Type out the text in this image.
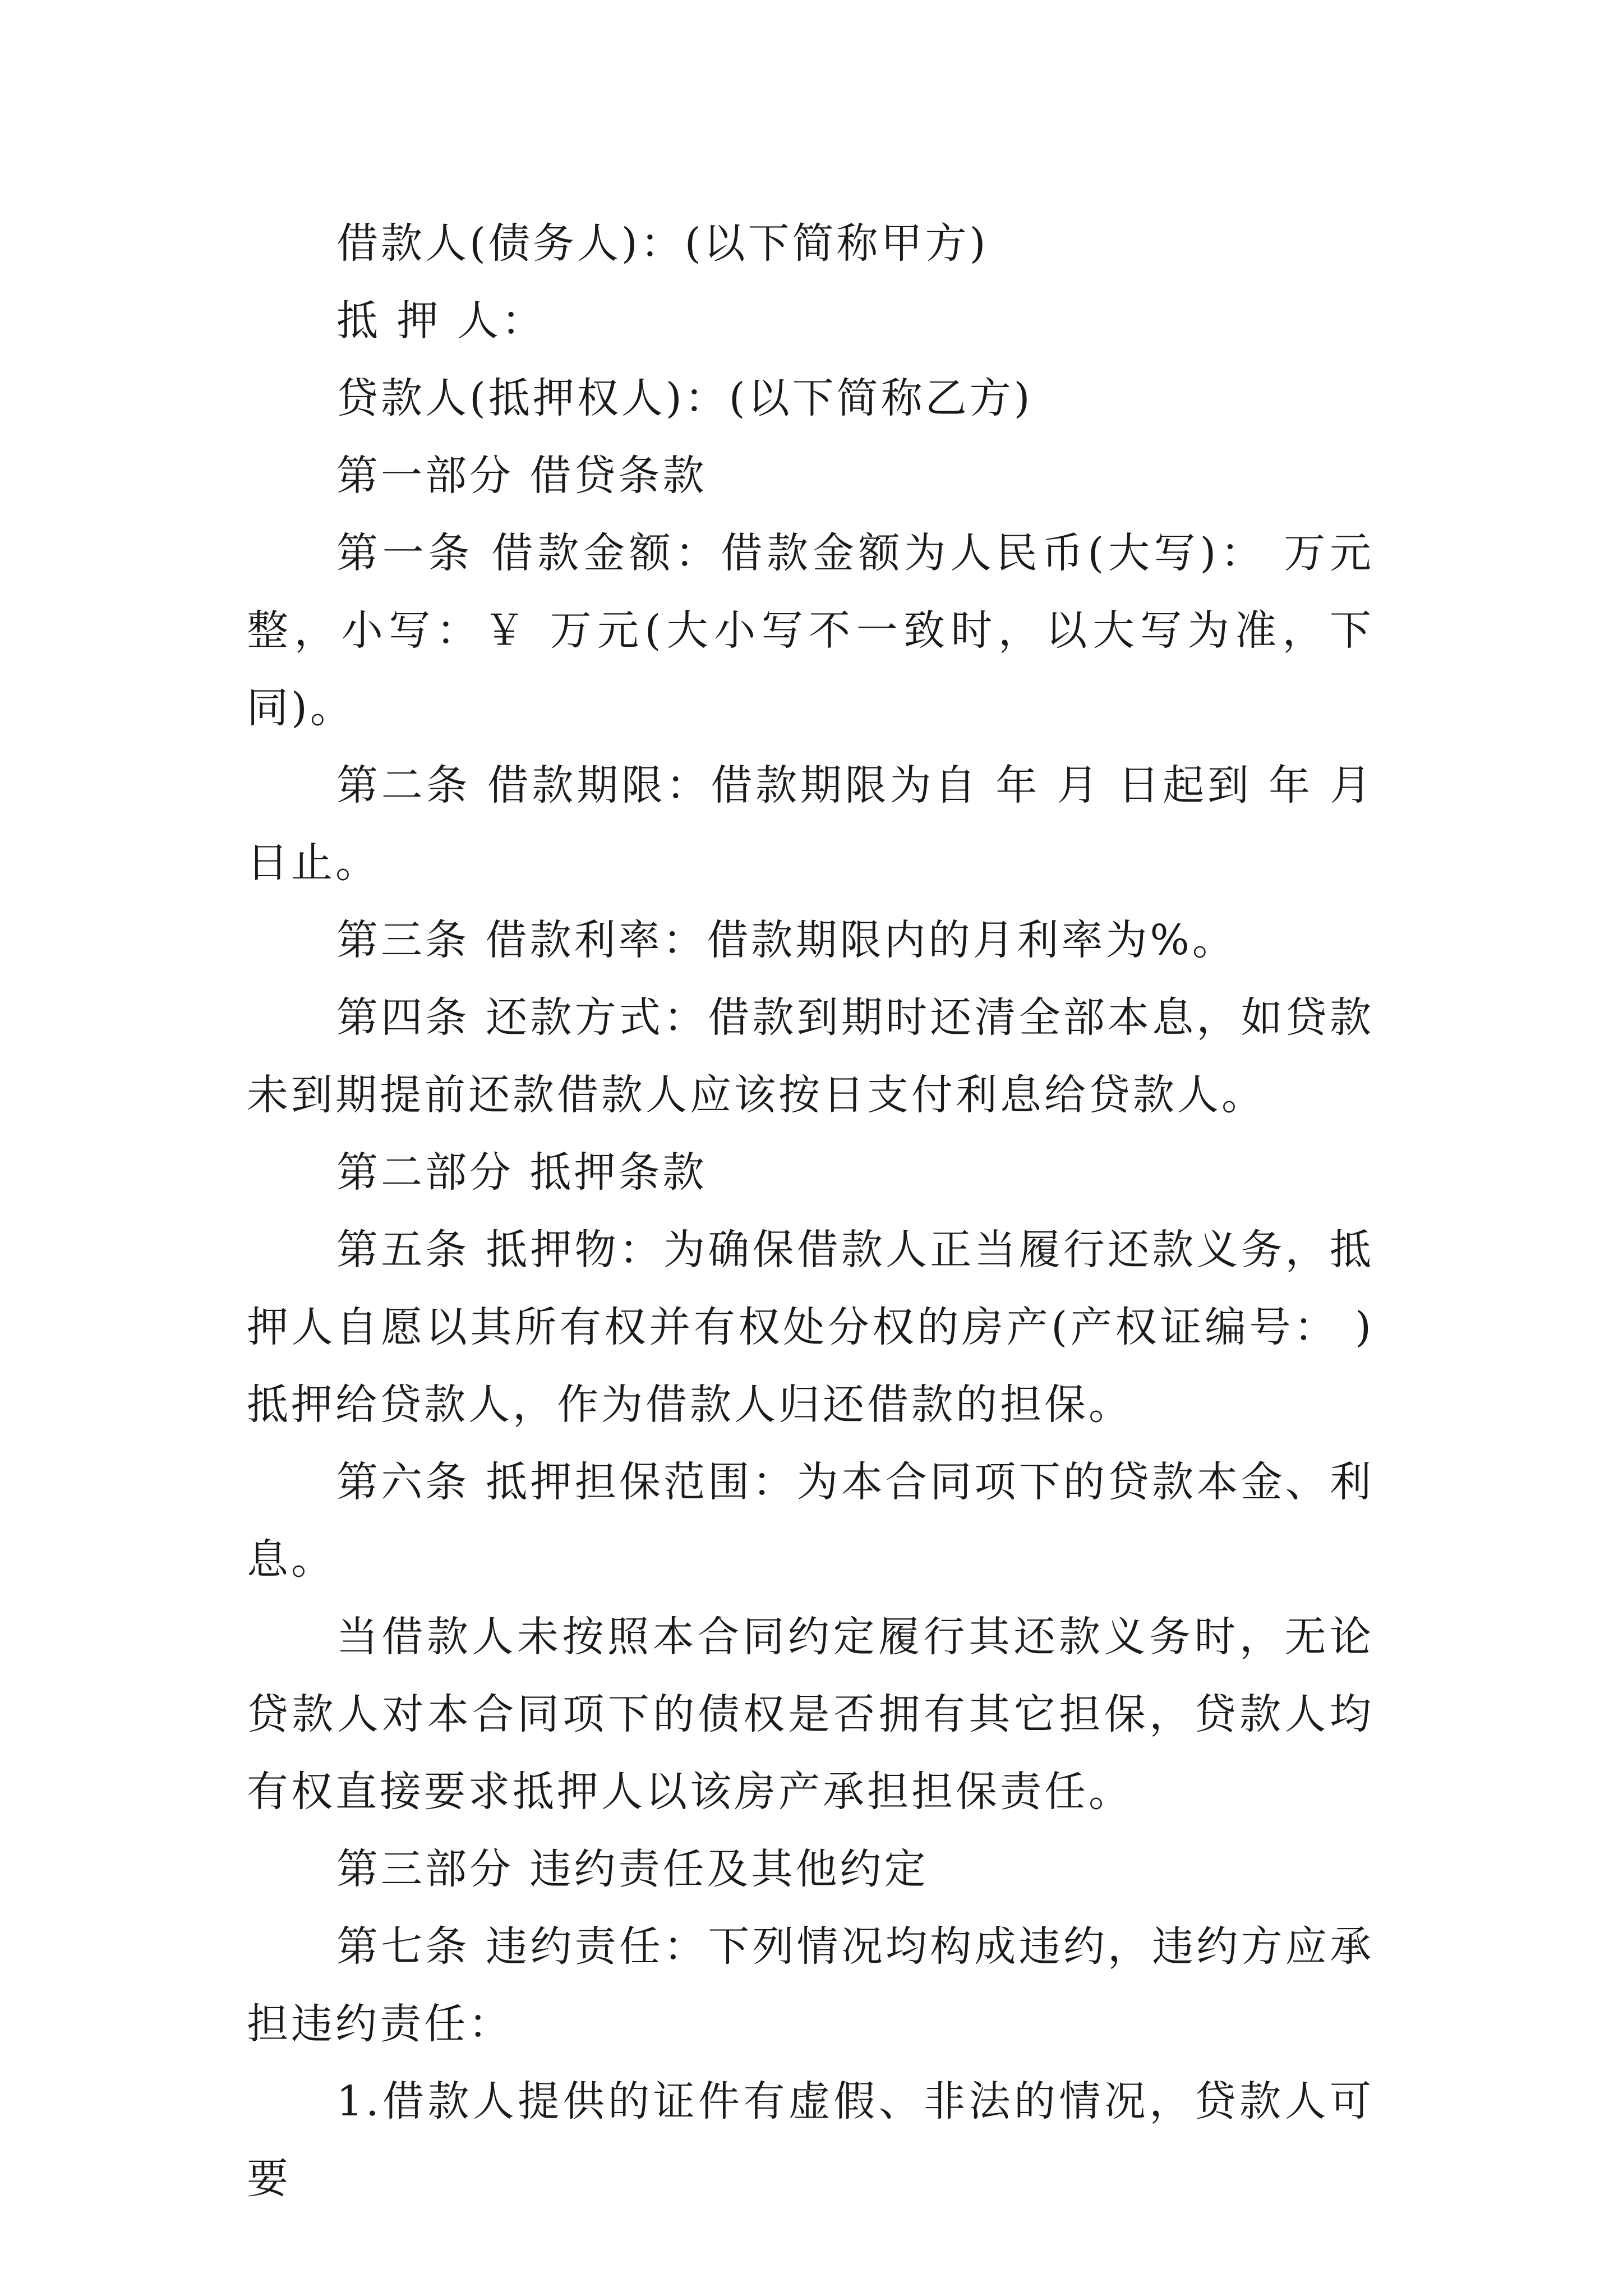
借款人(债务人)：(以下简称甲方)

抵 押 人：

贷款人(抵押权人)：(以下简称乙方)

第一部分 借贷条款

第一条 借款金额：借款金额为人民币(大写)： 万元整，小写：￥ 万元(大小写不一致时，以大写为准，下同)。

第二条 借款期限：借款期限为自 年 月 日起到 年 月 日止。

第三条 借款利率：借款期限内的月利率为%。

第四条 还款方式：借款到期时还清全部本息，如贷款未到期提前还款借款人应该按日支付利息给贷款人。

第二部分 抵押条款

第五条 抵押物：为确保借款人正当履行还款义务，抵押人自愿以其所有权并有权处分权的房产(产权证编号： )抵押给贷款人，作为借款人归还借款的担保。

第六条 抵押担保范围：为本合同项下的贷款本金、利息。

当借款人未按照本合同约定履行其还款义务时，无论贷款人对本合同项下的债权是否拥有其它担保，贷款人均有权直接要求抵押人以该房产承担担保责任。

第三部分 违约责任及其他约定

第七条 违约责任：下列情况均构成违约，违约方应承担违约责任：

1.借款人提供的证件有虚假、非法的情况，贷款人可要
